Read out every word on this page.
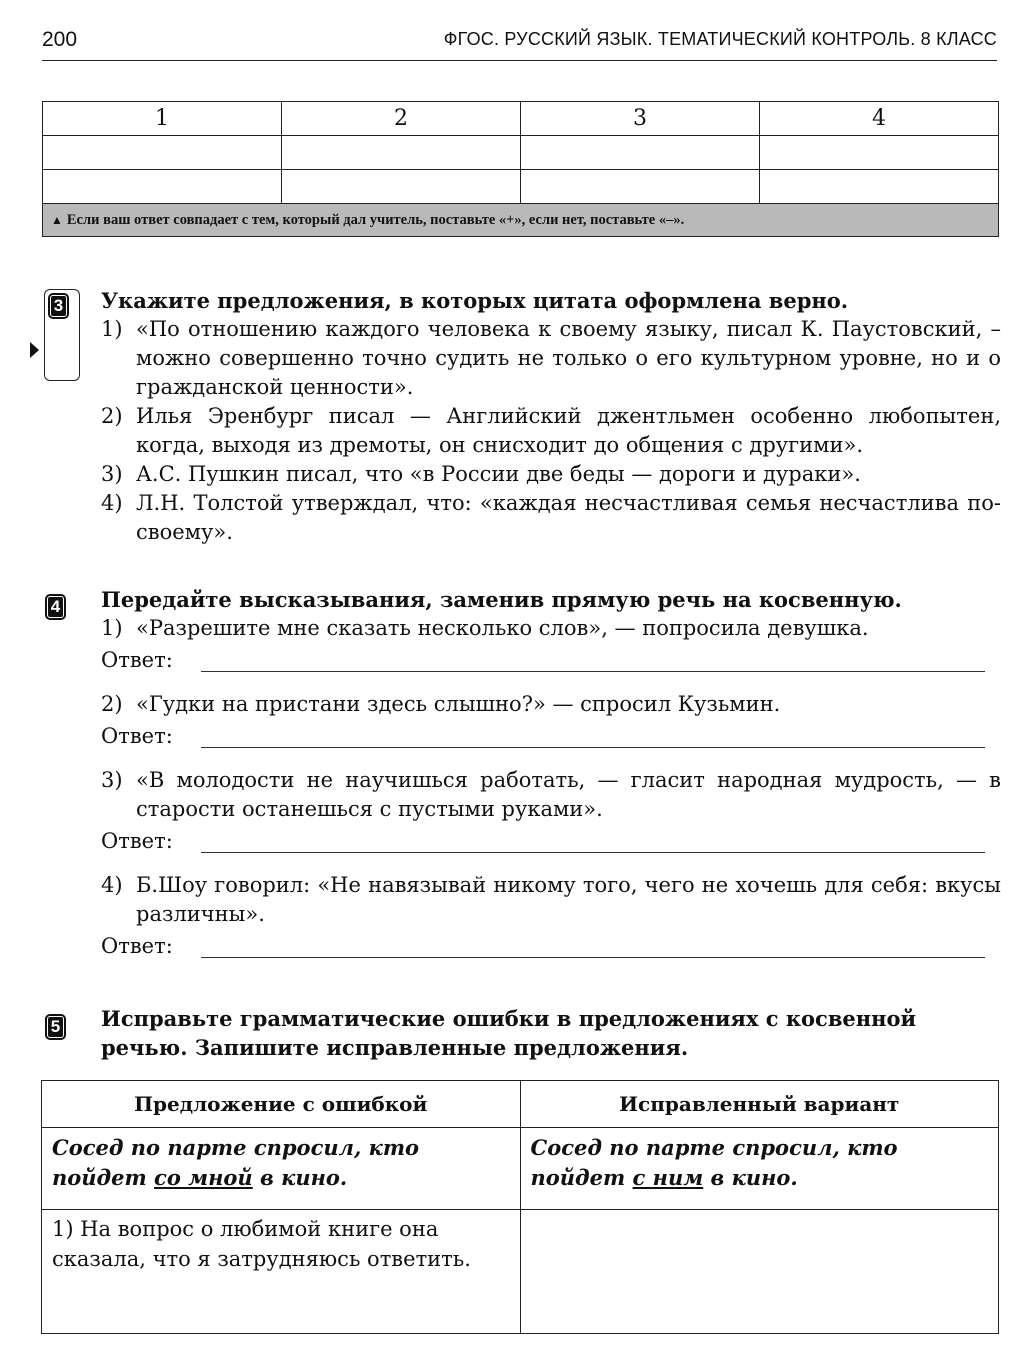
200	ФГОС. РУССКИЙ ЯЗЫК. ТЕМАТИЧЕСКИЙ КОНТРОЛЬ. 8 КЛАСС
1	2	3	4

▲ Если ваш ответ совпадает с тем, который дал учитель, поставьте «+», если нет, поставьте «–».			
3 Укажите предложения, в которых цитата оформлена верно.
1) «По отношению каждого человека к своему языку, писал К. Паустовский, – можно совершенно точно судить не только о его культурном уровне, но и о гражданской ценности».
2) Илья Эренбург писал — Английский джентльмен особенно любопытен, когда, выходя из дремоты, он снисходит до общения с другими».
3) А.С. Пушкин писал, что «в России две беды — дороги и дураки».
4) Л.Н. Толстой утверждал, что: «каждая несчастливая семья несчастлива по-своему».
4 Передайте высказывания, заменив прямую речь на косвенную.
1) «Разрешите мне сказать несколько слов», — попросила девушка.
Ответ:
2) «Гудки на пристани здесь слышно?» — спросил Кузьмин.
Ответ:
3) «В молодости не научишься работать, — гласит народная мудрость, — в старости останешься с пустыми руками».
Ответ:
4) Б.Шоу говорил: «Не навязывай никому того, чего не хочешь для себя: вкусы различны».
Ответ:
5 Исправьте грамматические ошибки в предложениях с косвенной речью. Запишите исправленные предложения.
Предложение с ошибкой	Исправленный вариант
Сосед по парте спросил, кто пойдет со мной в кино.	Сосед по парте спросил, кто пойдет с ним в кино.
1) На вопрос о любимой книге она сказала, что я затрудняюсь ответить.	
